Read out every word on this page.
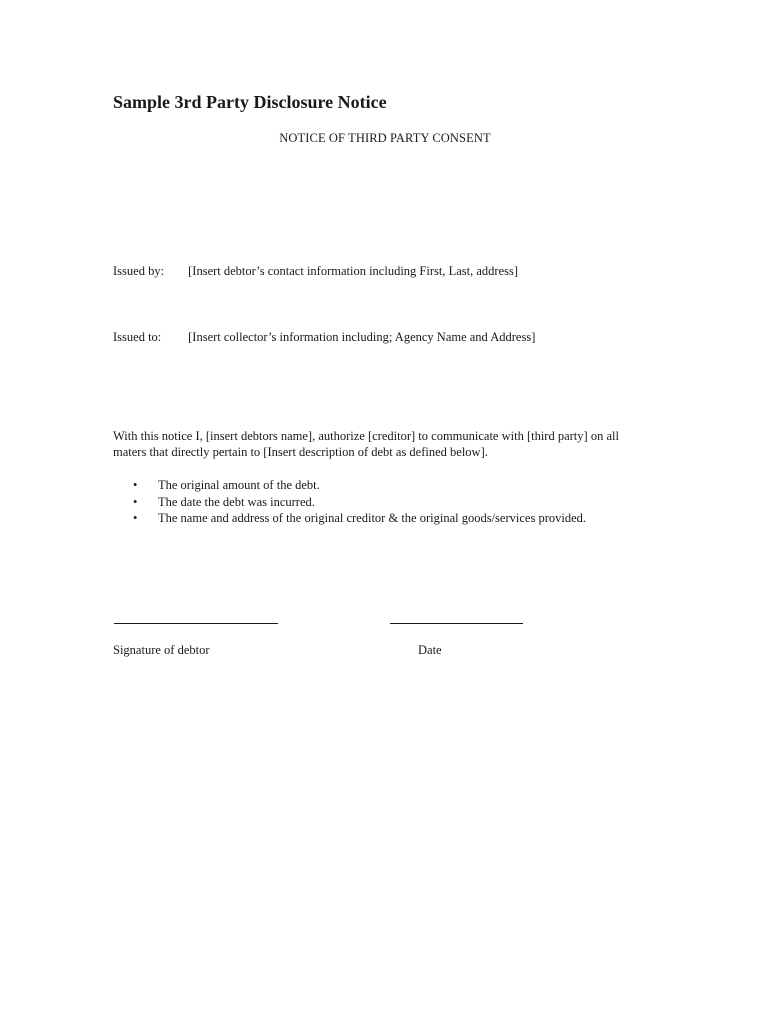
Sample 3rd Party Disclosure Notice
NOTICE OF THIRD PARTY CONSENT
Issued by: [Insert debtor’s contact information including First, Last, address]
Issued to: [Insert collector’s information including; Agency Name and Address]

With this notice I, [insert debtors name], authorize [creditor] to communicate with [third party] on all maters that directly pertain to [Insert description of debt as defined below].

• The original amount of the debt.
• The date the debt was incurred.
• The name and address of the original creditor & the original goods/services provided.
Signature of debtor	Date
